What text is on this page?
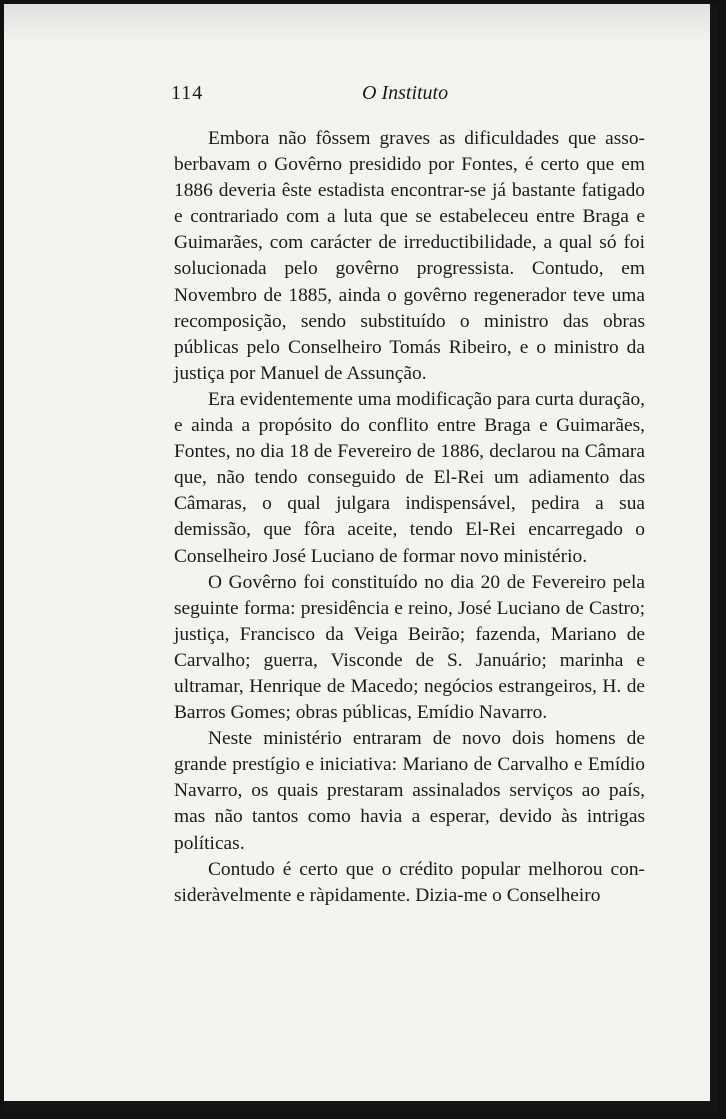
114	O Instituto

Embora não fôssem graves as dificuldades que assoberbavam o Govêrno presidido por Fontes, é certo que em 1886 deveria êste estadista encontrar-se já bastante fatigado e contrariado com a luta que se estabeleceu entre Braga e Guimarães, com carácter de irreductibilidade, a qual só foi solucionada pelo govêrno progressista. Contudo, em Novembro de 1885, ainda o govêrno regenerador teve uma recomposição, sendo substituído o ministro das obras públicas pelo Conselheiro Tomás Ribeiro, e o ministro da justiça por Manuel de Assunção.

Era evidentemente uma modificação para curta duração, e ainda a propósito do conflito entre Braga e Guimarães, Fontes, no dia 18 de Fevereiro de 1886, declarou na Câmara que, não tendo conseguido de El-Rei um adiamento das Câmaras, o qual julgara indispensável, pedira a sua demissão, que fôra aceite, tendo El-Rei encarregado o Conselheiro José Luciano de formar novo ministério.

O Govêrno foi constituído no dia 20 de Fevereiro pela seguinte forma: presidência e reino, José Luciano de Castro; justiça, Francisco da Veiga Beirão; fazenda, Mariano de Carvalho; guerra, Visconde de S. Januário; marinha e ultramar, Henrique de Macedo; negócios estrangeiros, H. de Barros Gomes; obras públicas, Emídio Navarro.

Neste ministério entraram de novo dois homens de grande prestígio e iniciativa: Mariano de Carvalho e Emídio Navarro, os quais prestaram assinalados serviços ao país, mas não tantos como havia a esperar, devido às intrigas políticas.

Contudo é certo que o crédito popular melhorou consideràvelmente e ràpidamente. Dizia-me o Conselheiro
